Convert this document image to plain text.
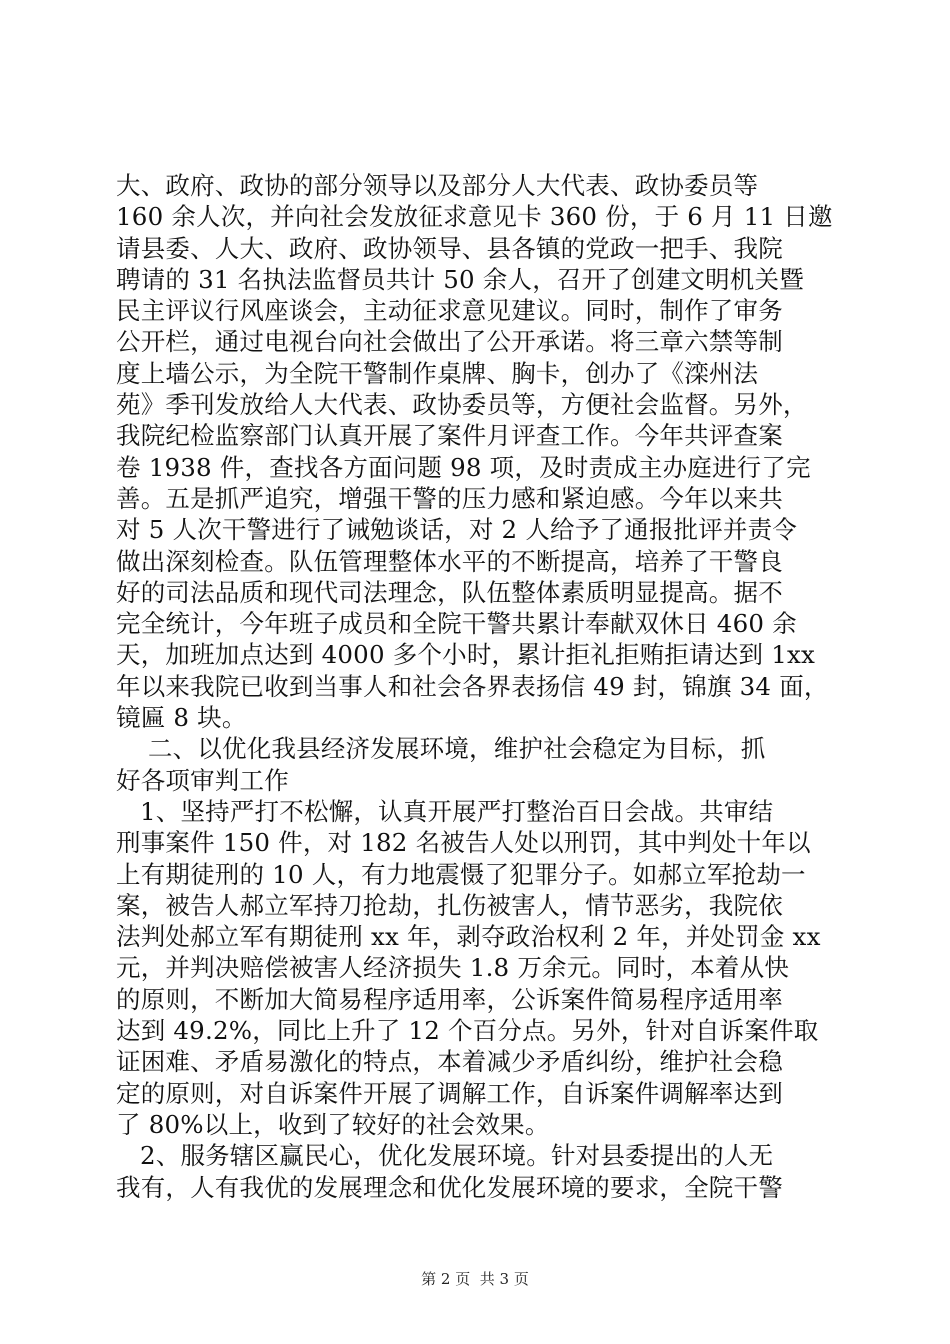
大、政府、政协的部分领导以及部分人大代表、政协委员等
160 余人次，并向社会发放征求意见卡 360 份，于 6 月 11 日邀
请县委、人大、政府、政协领导、县各镇的党政一把手、我院
聘请的 31 名执法监督员共计 50 余人，召开了创建文明机关暨
民主评议行风座谈会，主动征求意见建议。同时，制作了审务
公开栏，通过电视台向社会做出了公开承诺。将三章六禁等制
度上墙公示，为全院干警制作桌牌、胸卡，创办了《滦州法
苑》季刊发放给人大代表、政协委员等，方便社会监督。另外，
我院纪检监察部门认真开展了案件月评查工作。今年共评查案
卷 1938 件，查找各方面问题 98 项，及时责成主办庭进行了完
善。五是抓严追究，增强干警的压力感和紧迫感。今年以来共
对 5 人次干警进行了诫勉谈话，对 2 人给予了通报批评并责令
做出深刻检查。队伍管理整体水平的不断提高，培养了干警良
好的司法品质和现代司法理念，队伍整体素质明显提高。据不
完全统计，今年班子成员和全院干警共累计奉献双休日 460 余
天，加班加点达到 4000 多个小时，累计拒礼拒贿拒请达到 1xx
年以来我院已收到当事人和社会各界表扬信 49 封，锦旗 34 面，
镜匾 8 块。
二、以优化我县经济发展环境，维护社会稳定为目标，抓
好各项审判工作
1、坚持严打不松懈，认真开展严打整治百日会战。共审结
刑事案件 150 件，对 182 名被告人处以刑罚，其中判处十年以
上有期徒刑的 10 人，有力地震慑了犯罪分子。如郝立军抢劫一
案，被告人郝立军持刀抢劫，扎伤被害人，情节恶劣，我院依
法判处郝立军有期徒刑 xx 年，剥夺政治权利 2 年，并处罚金 xx
元，并判决赔偿被害人经济损失 1.8 万余元。同时，本着从快
的原则，不断加大简易程序适用率，公诉案件简易程序适用率
达到 49.2%，同比上升了 12 个百分点。另外，针对自诉案件取
证困难、矛盾易激化的特点，本着减少矛盾纠纷，维护社会稳
定的原则，对自诉案件开展了调解工作，自诉案件调解率达到
了 80%以上，收到了较好的社会效果。
2、服务辖区赢民心，优化发展环境。针对县委提出的人无
我有，人有我优的发展理念和优化发展环境的要求，全院干警
第 2 页  共 3 页
